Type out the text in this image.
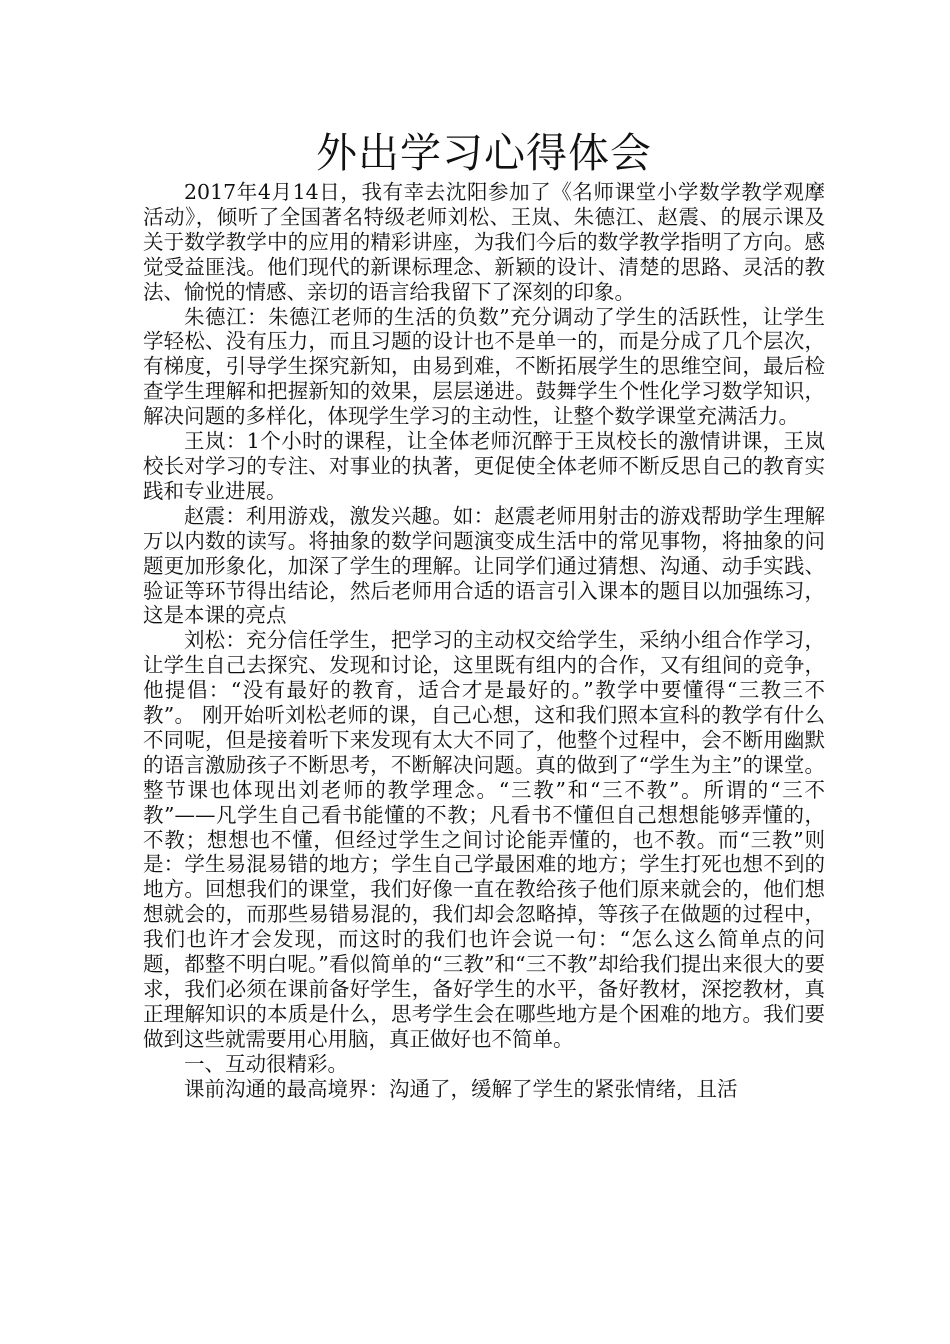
外出学习心得体会

2017年4月14日，我有幸去沈阳参加了《名师课堂小学数学教学观摩活动》，倾听了全国著名特级老师刘松、王岚、朱德江、赵震、的展示课及关于数学教学中的应用的精彩讲座，为我们今后的数学教学指明了方向。感觉受益匪浅。他们现代的新课标理念、新颖的设计、清楚的思路、灵活的教法、愉悦的情感、亲切的语言给我留下了深刻的印象。

朱德江：朱德江老师的生活的负数”充分调动了学生的活跃性，让学生学轻松、没有压力，而且习题的设计也不是单一的，而是分成了几个层次，有梯度，引导学生探究新知，由易到难，不断拓展学生的思维空间，最后检查学生理解和把握新知的效果，层层递进。鼓舞学生个性化学习数学知识，解决问题的多样化，体现学生学习的主动性，让整个数学课堂充满活力。

王岚：1个小时的课程，让全体老师沉醉于王岚校长的激情讲课，王岚校长对学习的专注、对事业的执著，更促使全体老师不断反思自己的教育实践和专业进展。

赵震：利用游戏，激发兴趣。如：赵震老师用射击的游戏帮助学生理解万以内数的读写。将抽象的数学问题演变成生活中的常见事物，将抽象的问题更加形象化，加深了学生的理解。让同学们通过猜想、沟通、动手实践、验证等环节得出结论，然后老师用合适的语言引入课本的题目以加强练习，这是本课的亮点

刘松：充分信任学生，把学习的主动权交给学生，采纳小组合作学习，让学生自己去探究、发现和讨论，这里既有组内的合作，又有组间的竞争，他提倡：“没有最好的教育，适合才是最好的。”教学中要懂得“三教三不教”。 刚开始听刘松老师的课，自己心想，这和我们照本宣科的教学有什么不同呢，但是接着听下来发现有太大不同了，他整个过程中，会不断用幽默的语言激励孩子不断思考，不断解决问题。真的做到了“学生为主”的课堂。整节课也体现出刘老师的教学理念。“三教”和“三不教”。所谓的“三不教”——凡学生自己看书能懂的不教；凡看书不懂但自己想想能够弄懂的，不教；想想也不懂，但经过学生之间讨论能弄懂的，也不教。而“三教”则是：学生易混易错的地方；学生自己学最困难的地方；学生打死也想不到的地方。回想我们的课堂，我们好像一直在教给孩子他们原来就会的，他们想想就会的，而那些易错易混的，我们却会忽略掉，等孩子在做题的过程中，我们也许才会发现，而这时的我们也许会说一句：“怎么这么简单点的问题，都整不明白呢。”看似简单的“三教”和“三不教”却给我们提出来很大的要求，我们必须在课前备好学生，备好学生的水平，备好教材，深挖教材，真正理解知识的本质是什么，思考学生会在哪些地方是个困难的地方。我们要做到这些就需要用心用脑，真正做好也不简单。

一、互动很精彩。

课前沟通的最高境界：沟通了，缓解了学生的紧张情绪，且活
